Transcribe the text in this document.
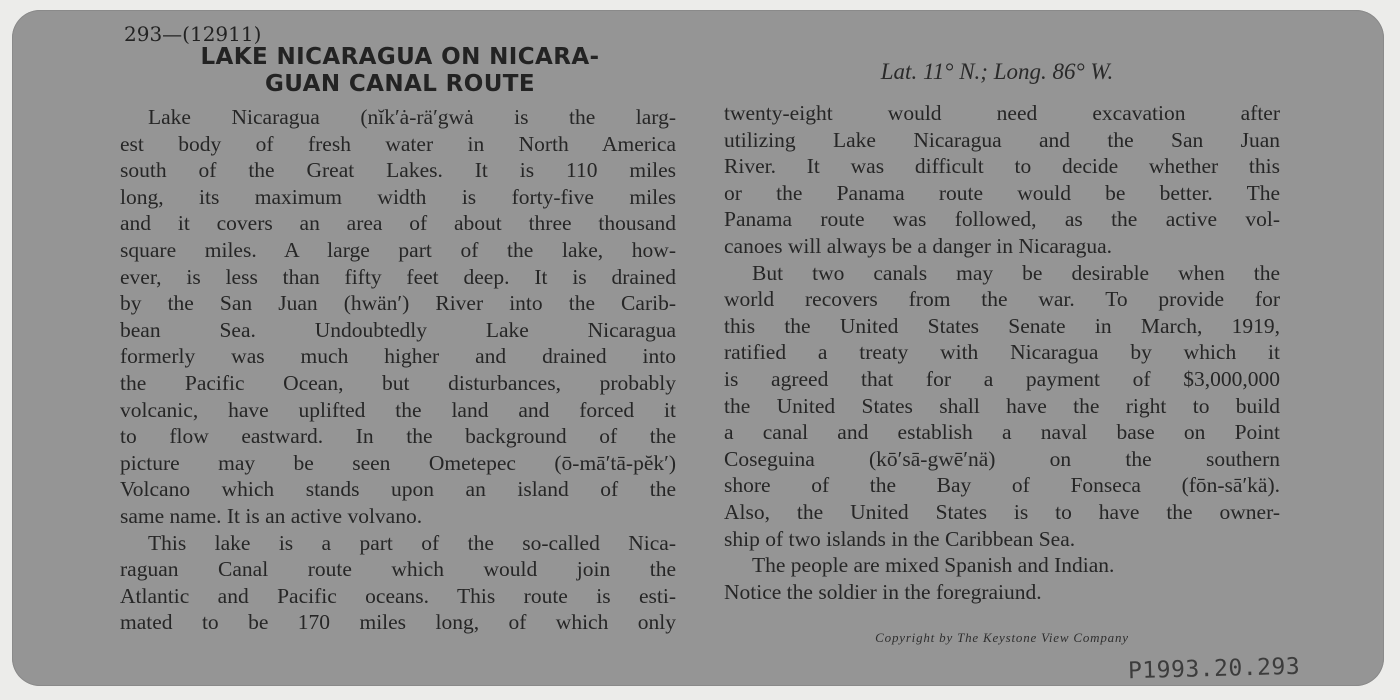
293—(12911)
LAKE NICARAGUA ON NICARA-
GUAN CANAL ROUTE	Lat. 11° N.; Long. 86° W.
Lake Nicaragua (nĭk′ȧ-rä′gwȧ is the larg-
est body of fresh water in North America
south of the Great Lakes. It is 110 miles
long, its maximum width is forty-five miles
and it covers an area of about three thousand
square miles. A large part of the lake, how-
ever, is less than fifty feet deep. It is drained
by the San Juan (hwän′) River into the Carib-
bean Sea. Undoubtedly Lake Nicaragua
formerly was much higher and drained into
the Pacific Ocean, but disturbances, probably
volcanic, have uplifted the land and forced it
to flow eastward. In the background of the
picture may be seen Ometepec (ō-mā′tā-pĕk′)
Volcano which stands upon an island of the
same name. It is an active volvano.
This lake is a part of the so-called Nica-
raguan Canal route which would join the
Atlantic and Pacific oceans. This route is esti-
mated to be 170 miles long, of which only
twenty-eight would need excavation after
utilizing Lake Nicaragua and the San Juan
River. It was difficult to decide whether this
or the Panama route would be better. The
Panama route was followed, as the active vol-
canoes will always be a danger in Nicaragua.
But two canals may be desirable when the
world recovers from the war. To provide for
this the United States Senate in March, 1919,
ratified a treaty with Nicaragua by which it
is agreed that for a payment of $3,000,000
the United States shall have the right to build
a canal and establish a naval base on Point
Coseguina (kō′sā-gwē′nä) on the southern
shore of the Bay of Fonseca (fōn-sā′kä).
Also, the United States is to have the owner-
ship of two islands in the Caribbean Sea.
The people are mixed Spanish and Indian.
Notice the soldier in the foregraiund.
Copyright by The Keystone View Company
P1993.20.293
